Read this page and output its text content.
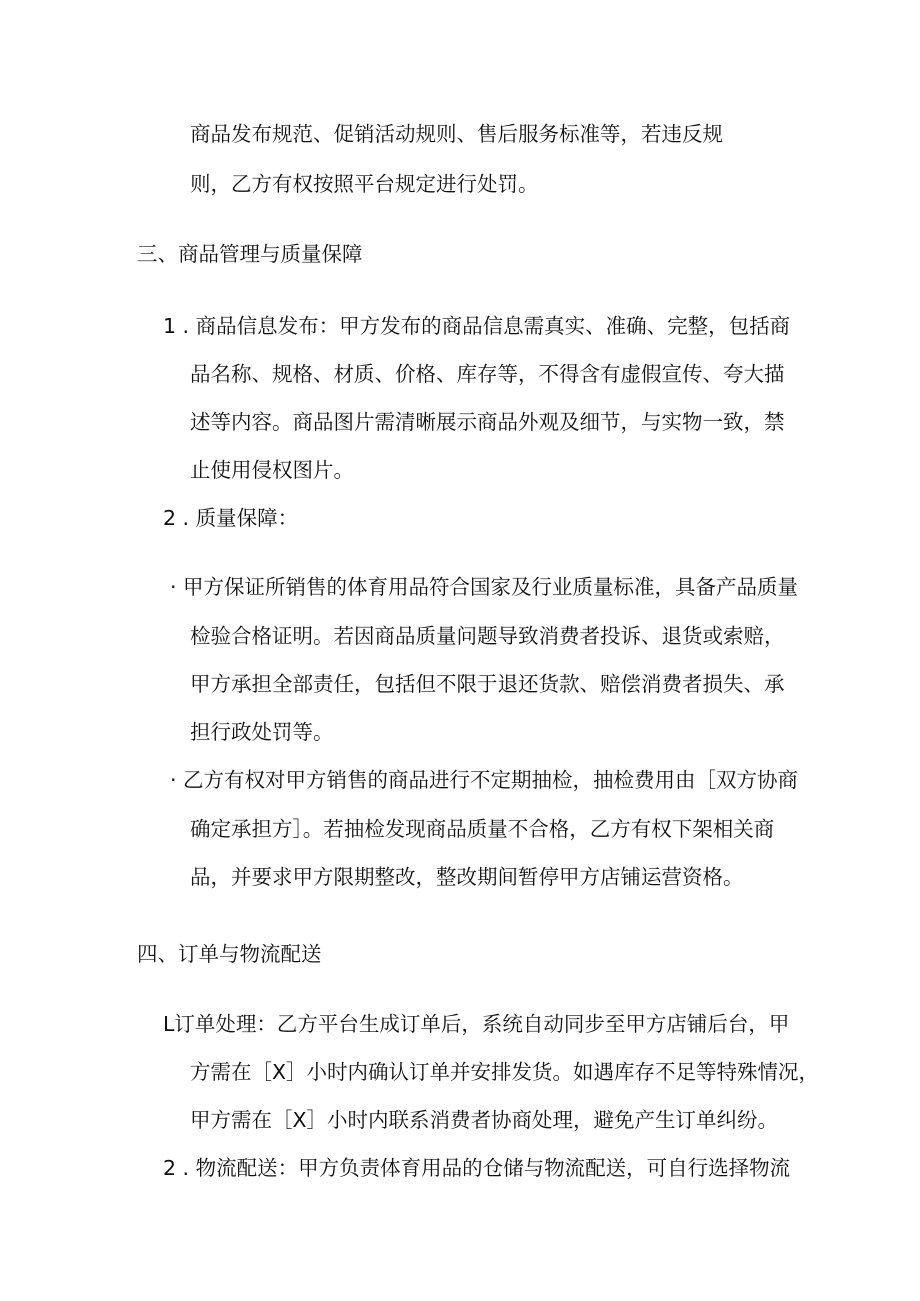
商品发布规范、促销活动规则、售后服务标准等，若违反规
则，乙方有权按照平台规定进行处罚。
三、商品管理与质量保障
1 . 商品信息发布：甲方发布的商品信息需真实、准确、完整，包括商
品名称、规格、材质、价格、库存等，不得含有虚假宣传、夸大描
述等内容。商品图片需清晰展示商品外观及细节，与实物一致，禁
止使用侵权图片。
2 . 质量保障：
· 甲方保证所销售的体育用品符合国家及行业质量标准，具备产品质量
检验合格证明。若因商品质量问题导致消费者投诉、退货或索赔，
甲方承担全部责任，包括但不限于退还货款、赔偿消费者损失、承
担行政处罚等。
· 乙方有权对甲方销售的商品进行不定期抽检，抽检费用由［双方协商
确定承担方］。若抽检发现商品质量不合格，乙方有权下架相关商
品，并要求甲方限期整改，整改期间暂停甲方店铺运营资格。
四、订单与物流配送
L订单处理：乙方平台生成订单后，系统自动同步至甲方店铺后台，甲
方需在［X］小时内确认订单并安排发货。如遇库存不足等特殊情况，
甲方需在［X］小时内联系消费者协商处理，避免产生订单纠纷。
2 . 物流配送：甲方负责体育用品的仓储与物流配送，可自行选择物流
